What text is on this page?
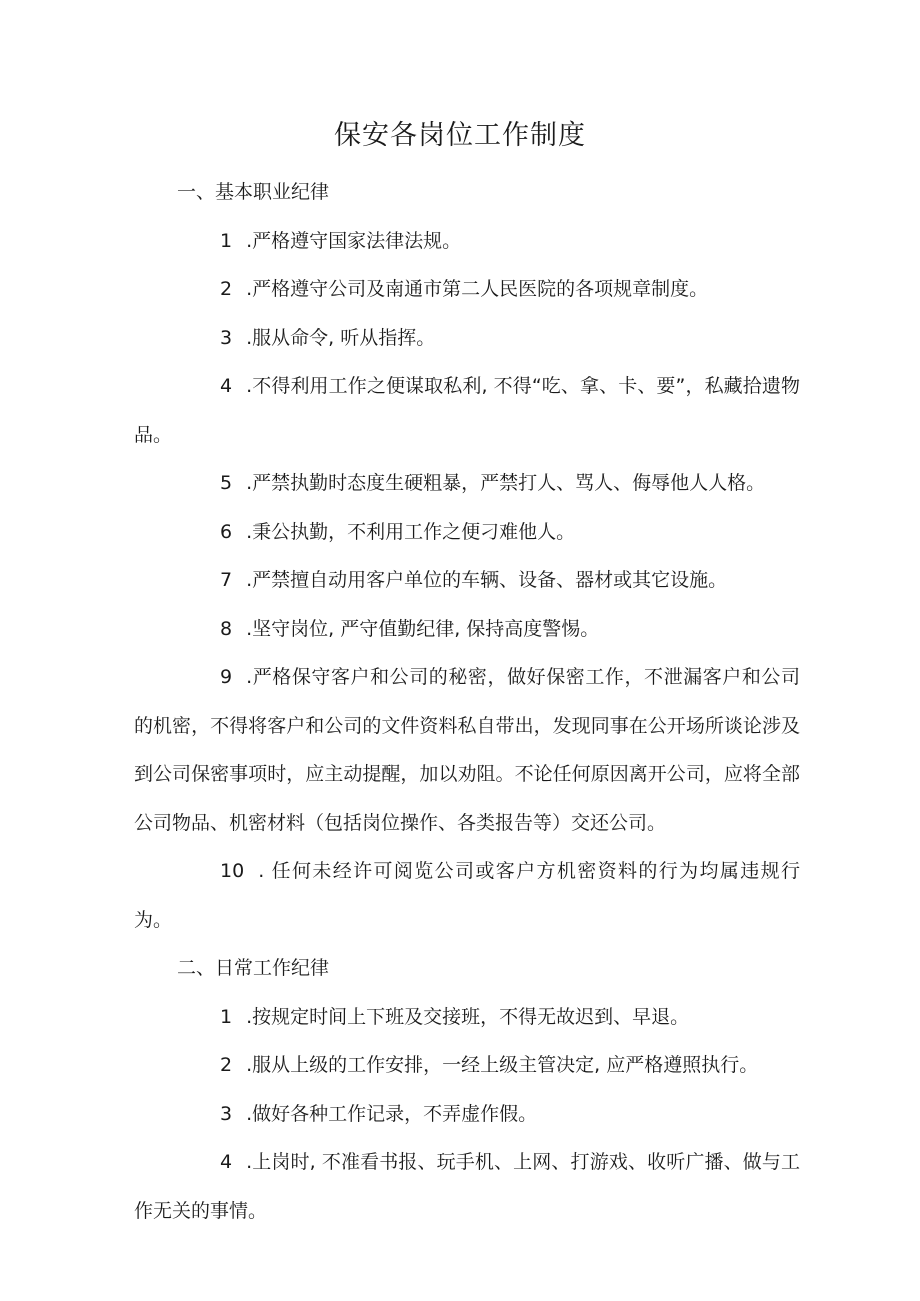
保安各岗位工作制度

一、基本职业纪律

1 .严格遵守国家法律法规。

2 .严格遵守公司及南通市第二人民医院的各项规章制度。

3 .服从命令, 听从指挥。

4 .不得利用工作之便谋取私利, 不得“吃、拿、卡、要”，私藏拾遗物品。

5 .严禁执勤时态度生硬粗暴，严禁打人、骂人、侮辱他人人格。

6 .秉公执勤，不利用工作之便刁难他人。

7 .严禁擅自动用客户单位的车辆、设备、器材或其它设施。

8 .坚守岗位, 严守值勤纪律, 保持高度警惕。

9 .严格保守客户和公司的秘密，做好保密工作，不泄漏客户和公司的机密，不得将客户和公司的文件资料私自带出，发现同事在公开场所谈论涉及到公司保密事项时，应主动提醒，加以劝阻。不论任何原因离开公司，应将全部公司物品、机密材料（包括岗位操作、各类报告等）交还公司。

10 . 任何未经许可阅览公司或客户方机密资料的行为均属违规行为。

二、日常工作纪律

1 .按规定时间上下班及交接班，不得无故迟到、早退。

2 .服从上级的工作安排，一经上级主管决定, 应严格遵照执行。

3 .做好各种工作记录，不弄虚作假。

4 .上岗时, 不准看书报、玩手机、上网、打游戏、收听广播、做与工作无关的事情。
